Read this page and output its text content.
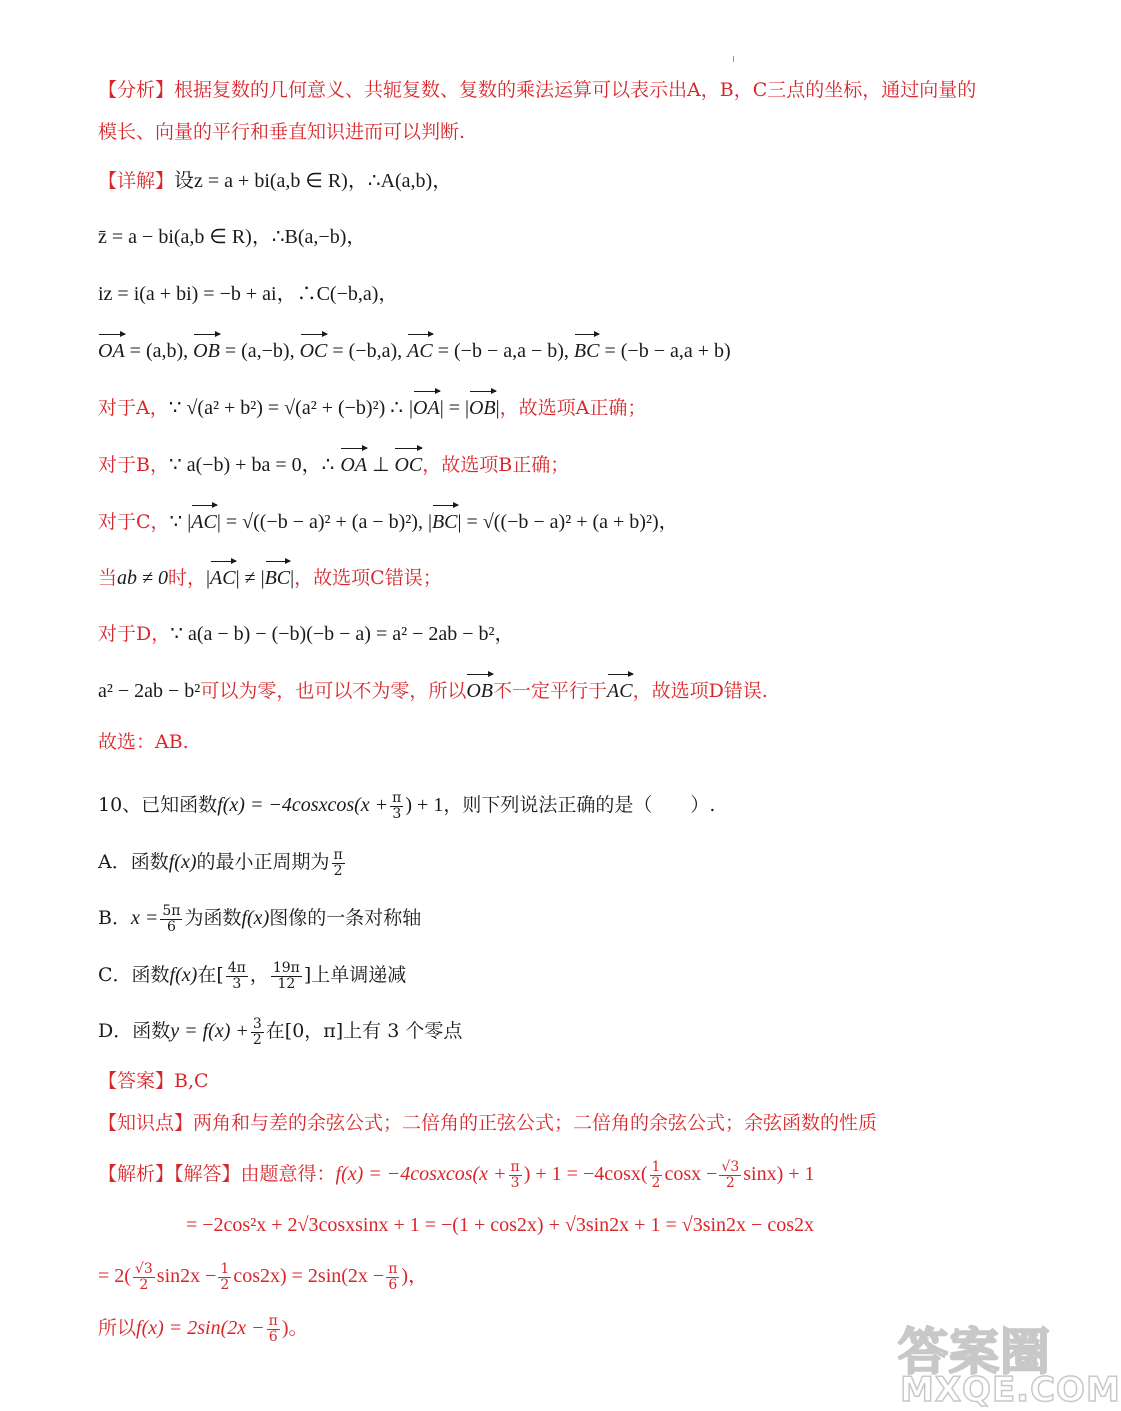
【分析】根据复数的几何意义、共轭复数、复数的乘法运算可以表示出A，B，C三点的坐标，通过向量的
模长、向量的平行和垂直知识进而可以判断.
【详解】设z = a + bi(a,b ∈ R)，∴A(a,b)，
z̄ = a − bi(a,b ∈ R)，∴B(a,−b)，
iz = i(a + bi) = −b + ai，∴C(−b,a)，
OA = (a,b), OB = (a,−b), OC = (−b,a), AC = (−b − a,a − b), BC = (−b − a,a + b)
对于A，∵ √(a² + b²) = √(a² + (−b)²) ∴ |OA| = |OB|，故选项A正确；
对于B，∵ a(−b) + ba = 0，∴ OA ⊥ OC，故选项B正确；
对于C，∵ |AC| = √((−b − a)² + (a − b)²), |BC| = √((−b − a)² + (a + b)²)，
当ab ≠ 0时，|AC| ≠ |BC|，故选项C错误；
对于D，∵ a(a − b) − (−b)(−b − a) = a² − 2ab − b²，
a² − 2ab − b²可以为零，也可以不为零，所以OB不一定平行于AC，故选项D错误.
故选：AB.
10、已知函数f(x) = −4cosxcos(x + $\frac{\pi}{3}$ ) + 1，则下列说法正确的是（　　）.
A．函数f(x)的最小正周期为 $\frac{\pi}{2}$
B．$x = \frac{5\pi}{6}$ 为函数f(x)图像的一条对称轴
C．函数f(x)在[ $\frac{4\pi}{3}$ ， $\frac{19\pi}{12}$ ]上单调递减
D．函数$y = f(x) + \frac{3}{2}$ 在[0，π]上有 3 个零点
【答案】B,C
【知识点】两角和与差的余弦公式；二倍角的正弦公式；二倍角的余弦公式；余弦函数的性质
【解析】【解答】由题意得：f(x) = −4cosxcos(x + $\frac{\pi}{3}$ ) + $1 = -4\cos x( \frac{1}{2}$ $\cos x - \frac{√3}{2} \sin x) + 1$
= −2cos²x + 2√3cosxsinx + 1 = −(1 + cos2x) + √3sin2x + 1 = √3sin2x − cos2x
= $2( \frac{√3}{2} \sin 2x - \frac{1}{2} \cos 2x) = 2\sin(2x - \frac{\pi}{6}$ )，
所以$f(x) = 2\sin(2x - \frac{\pi}{6}$ )。	答案圈
MXQE.COM
